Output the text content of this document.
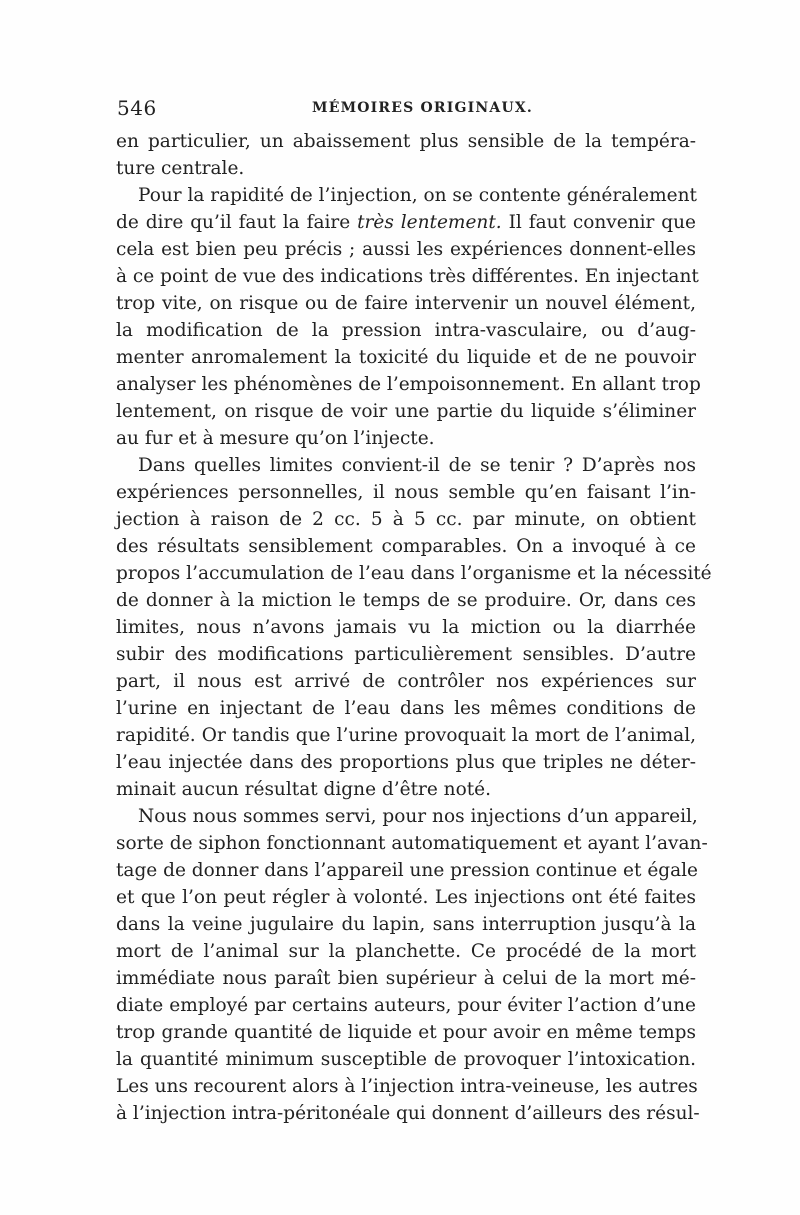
546	MÉMOIRES ORIGINAUX.
en particulier, un abaissement plus sensible de la tempéra-
ture centrale.
Pour la rapidité de l’injection, on se contente généralement
de dire qu’il faut la faire très lentement. Il faut convenir que
cela est bien peu précis ; aussi les expériences donnent-elles
à ce point de vue des indications très différentes. En injectant
trop vite, on risque ou de faire intervenir un nouvel élément,
la modification de la pression intra-vasculaire, ou d’aug-
menter anromalement la toxicité du liquide et de ne pouvoir
analyser les phénomènes de l’empoisonnement. En allant trop
lentement, on risque de voir une partie du liquide s’éliminer
au fur et à mesure qu’on l’injecte.
Dans quelles limites convient-il de se tenir ? D’après nos
expériences personnelles, il nous semble qu’en faisant l’in-
jection à raison de 2 cc. 5 à 5 cc. par minute, on obtient
des résultats sensiblement comparables. On a invoqué à ce
propos l’accumulation de l’eau dans l’organisme et la nécessité
de donner à la miction le temps de se produire. Or, dans ces
limites, nous n’avons jamais vu la miction ou la diarrhée
subir des modifications particulièrement sensibles. D’autre
part, il nous est arrivé de contrôler nos expériences sur
l’urine en injectant de l’eau dans les mêmes conditions de
rapidité. Or tandis que l’urine provoquait la mort de l’animal,
l’eau injectée dans des proportions plus que triples ne déter-
minait aucun résultat digne d’être noté.
Nous nous sommes servi, pour nos injections d’un appareil,
sorte de siphon fonctionnant automatiquement et ayant l’avan-
tage de donner dans l’appareil une pression continue et égale
et que l’on peut régler à volonté. Les injections ont été faites
dans la veine jugulaire du lapin, sans interruption jusqu’à la
mort de l’animal sur la planchette. Ce procédé de la mort
immédiate nous paraît bien supérieur à celui de la mort mé-
diate employé par certains auteurs, pour éviter l’action d’une
trop grande quantité de liquide et pour avoir en même temps
la quantité minimum susceptible de provoquer l’intoxication.
Les uns recourent alors à l’injection intra-veineuse, les autres
à l’injection intra-péritonéale qui donnent d’ailleurs des résul-
